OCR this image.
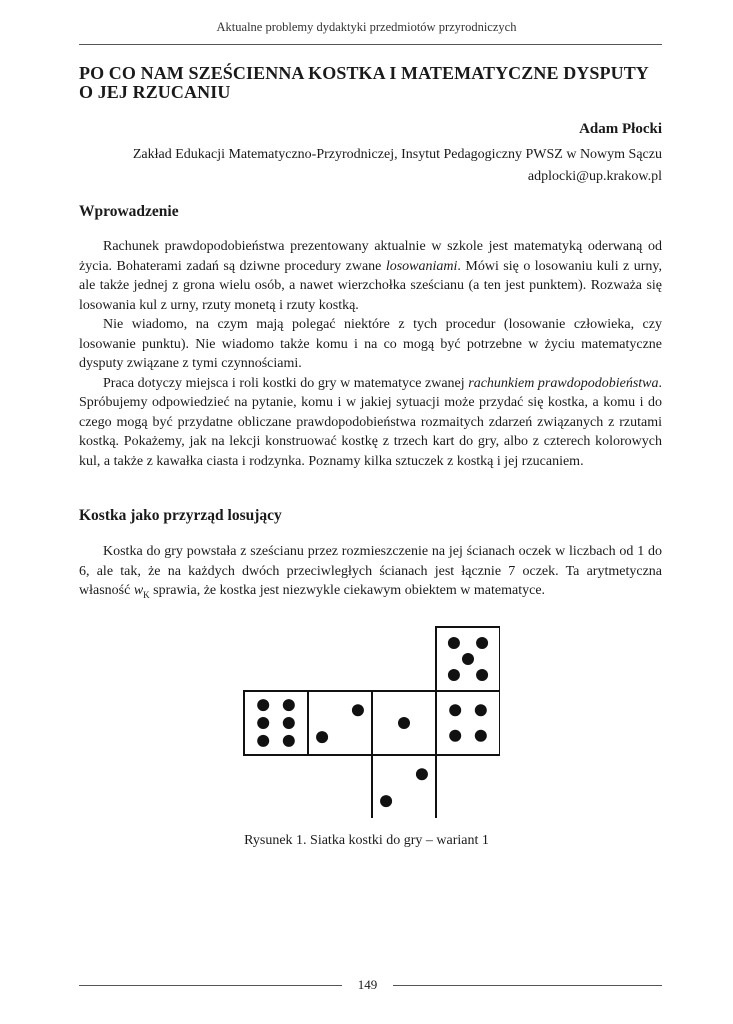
Aktualne problemy dydaktyki przedmiotów przyrodniczych
PO CO NAM SZEŚCIENNA KOSTKA I MATEMATYCZNE DYSPUTY O JEJ RZUCANIU
Adam Płocki
Zakład Edukacji Matematyczno-Przyrodniczej, Insytut Pedagogiczny PWSZ w Nowym Sączu
adplocki@up.krakow.pl
Wprowadzenie

Rachunek prawdopodobieństwa prezentowany aktualnie w szkole jest matematyką oderwaną od życia. Bohaterami zadań są dziwne procedury zwane losowaniami. Mówi się o losowaniu kuli z urny, ale także jednej z grona wielu osób, a nawet wierzchołka sześcianu (a ten jest punktem). Rozważa się losowania kul z urny, rzuty monetą i rzuty kostką.

Nie wiadomo, na czym mają polegać niektóre z tych procedur (losowanie człowieka, czy losowanie punktu). Nie wiadomo także komu i na co mogą być potrzebne w życiu matematyczne dysputy związane z tymi czynnościami.

Praca dotyczy miejsca i roli kostki do gry w matematyce zwanej rachunkiem prawdopodobieństwa. Spróbujemy odpowiedzieć na pytanie, komu i w jakiej sytuacji może przydać się kostka, a komu i do czego mogą być przydatne obliczane prawdopodobieństwa rozmaitych zdarzeń związanych z rzutami kostką. Pokażemy, jak na lekcji konstruować kostkę z trzech kart do gry, albo z czterech kolorowych kul, a także z kawałka ciasta i rodzynka. Poznamy kilka sztuczek z kostką i jej rzucaniem.

Kostka jako przyrząd losujący

Kostka do gry powstała z sześcianu przez rozmieszczenie na jej ścianach oczek w liczbach od 1 do 6, ale tak, że na każdych dwóch przeciwległych ścianach jest łącznie 7 oczek. Ta arytmetyczna własność $w_K$ sprawia, że kostka jest niezwykle ciekawym obiektem w matematyce.

Rysunek 1. Siatka kostki do gry – wariant 1
149
